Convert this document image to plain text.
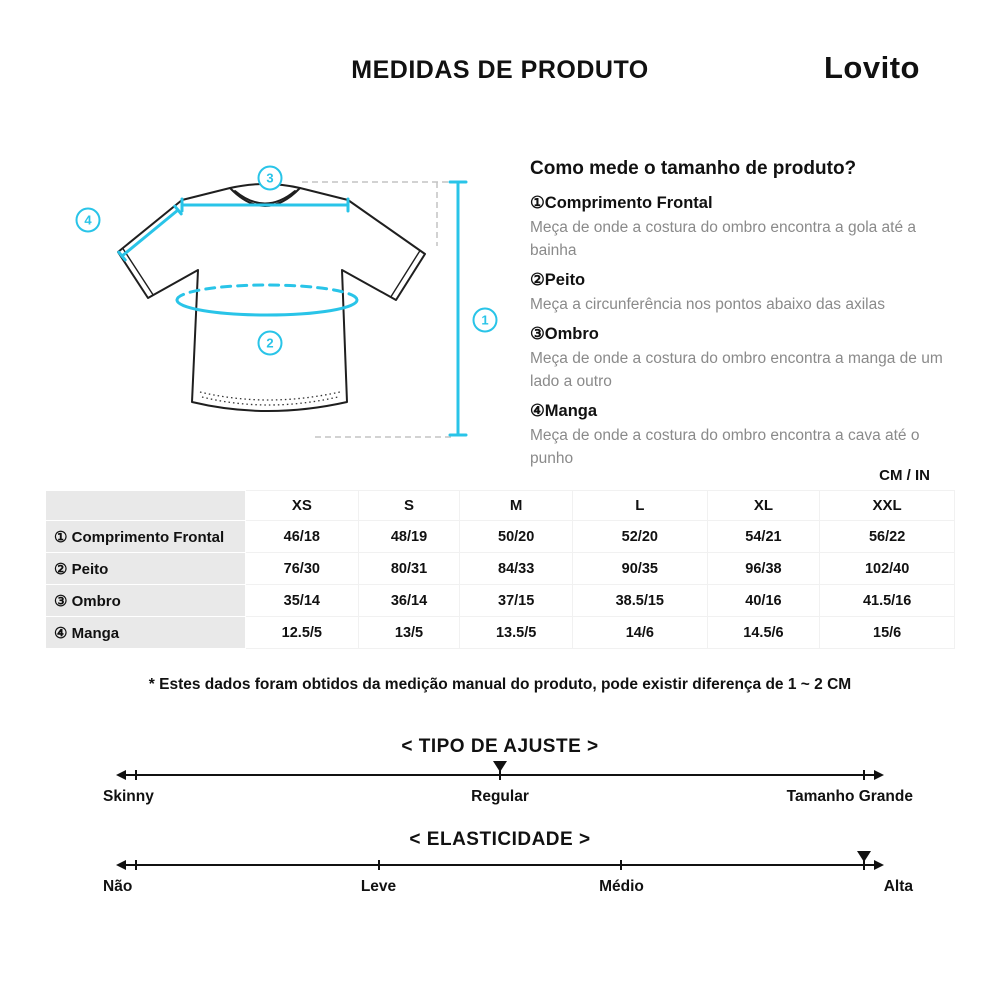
MEDIDAS DE PRODUTO	Lovito
3
4
2
1
Como mede o tamanho de produto?
①Comprimento Frontal
Meça de onde a costura do ombro encontra a gola até a bainha
②Peito
Meça a circunferência nos pontos abaixo das axilas
③Ombro
Meça de onde a costura do ombro encontra a manga de um lado a outro
④Manga
Meça de onde a costura do ombro encontra a cava até o punho
CM / IN
	XS	S	M	L	XL	XXL
① Comprimento Frontal	46/18	48/19	50/20	52/20	54/21	56/22
② Peito	76/30	80/31	84/33	90/35	96/38	102/40
③ Ombro	35/14	36/14	37/15	38.5/15	40/16	41.5/16
④ Manga	12.5/5	13/5	13.5/5	14/6	14.5/6	15/6
* Estes dados foram obtidos da medição manual do produto, pode existir diferença de 1 ~ 2 CM
< TIPO DE AJUSTE >
Skinny	Regular	Tamanho Grande
< ELASTICIDADE >
Não	Leve	Médio	Alta
